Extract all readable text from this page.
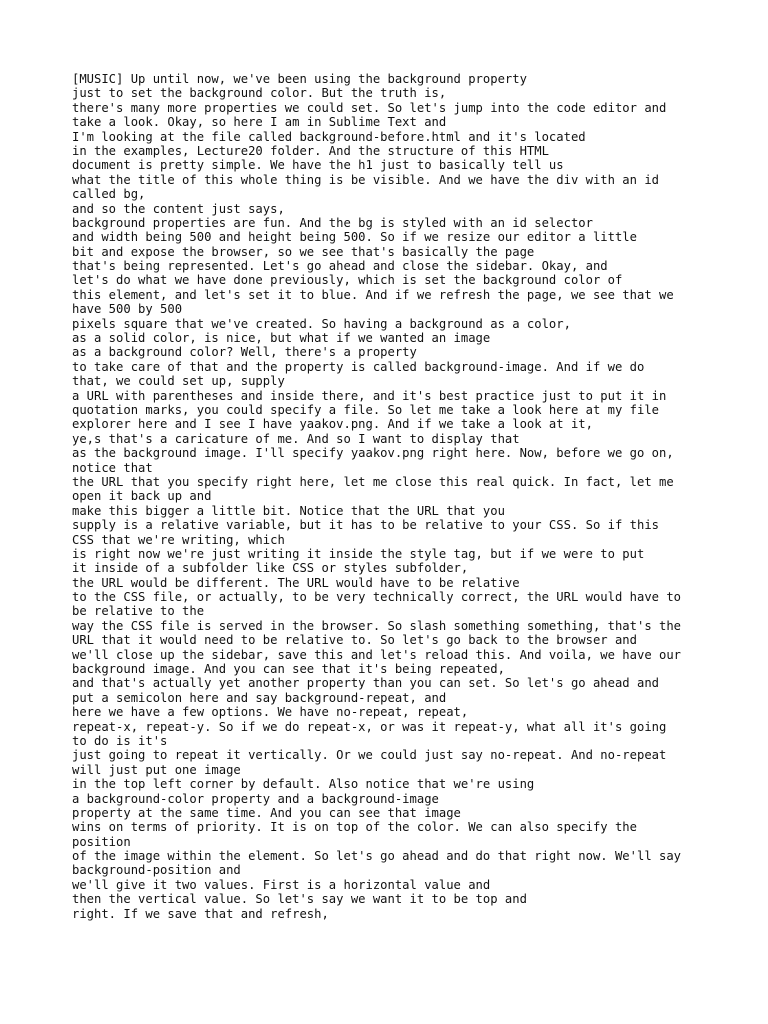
[MUSIC] Up until now, we've been using the background property
just to set the background color. But the truth is,
there's many more properties we could set. So let's jump into the code editor and
take a look. Okay, so here I am in Sublime Text and
I'm looking at the file called background-before.html and it's located
in the examples, Lecture20 folder. And the structure of this HTML
document is pretty simple. We have the h1 just to basically tell us
what the title of this whole thing is be visible. And we have the div with an id
called bg,
and so the content just says,
background properties are fun. And the bg is styled with an id selector
and width being 500 and height being 500. So if we resize our editor a little
bit and expose the browser, so we see that's basically the page
that's being represented. Let's go ahead and close the sidebar. Okay, and
let's do what we have done previously, which is set the background color of
this element, and let's set it to blue. And if we refresh the page, we see that we
have 500 by 500
pixels square that we've created. So having a background as a color,
as a solid color, is nice, but what if we wanted an image
as a background color? Well, there's a property
to take care of that and the property is called background-image. And if we do
that, we could set up, supply
a URL with parentheses and inside there, and it's best practice just to put it in
quotation marks, you could specify a file. So let me take a look here at my file
explorer here and I see I have yaakov.png. And if we take a look at it,
ye,s that's a caricature of me. And so I want to display that
as the background image. I'll specify yaakov.png right here. Now, before we go on,
notice that
the URL that you specify right here, let me close this real quick. In fact, let me
open it back up and
make this bigger a little bit. Notice that the URL that you
supply is a relative variable, but it has to be relative to your CSS. So if this
CSS that we're writing, which
is right now we're just writing it inside the style tag, but if we were to put
it inside of a subfolder like CSS or styles subfolder,
the URL would be different. The URL would have to be relative
to the CSS file, or actually, to be very technically correct, the URL would have to
be relative to the
way the CSS file is served in the browser. So slash something something, that's the
URL that it would need to be relative to. So let's go back to the browser and
we'll close up the sidebar, save this and let's reload this. And voila, we have our
background image. And you can see that it's being repeated,
and that's actually yet another property than you can set. So let's go ahead and
put a semicolon here and say background-repeat, and
here we have a few options. We have no-repeat, repeat,
repeat-x, repeat-y. So if we do repeat-x, or was it repeat-y, what all it's going
to do is it's
just going to repeat it vertically. Or we could just say no-repeat. And no-repeat
will just put one image
in the top left corner by default. Also notice that we're using
a background-color property and a background-image
property at the same time. And you can see that image
wins on terms of priority. It is on top of the color. We can also specify the
position
of the image within the element. So let's go ahead and do that right now. We'll say
background-position and
we'll give it two values. First is a horizontal value and
then the vertical value. So let's say we want it to be top and
right. If we save that and refresh,
